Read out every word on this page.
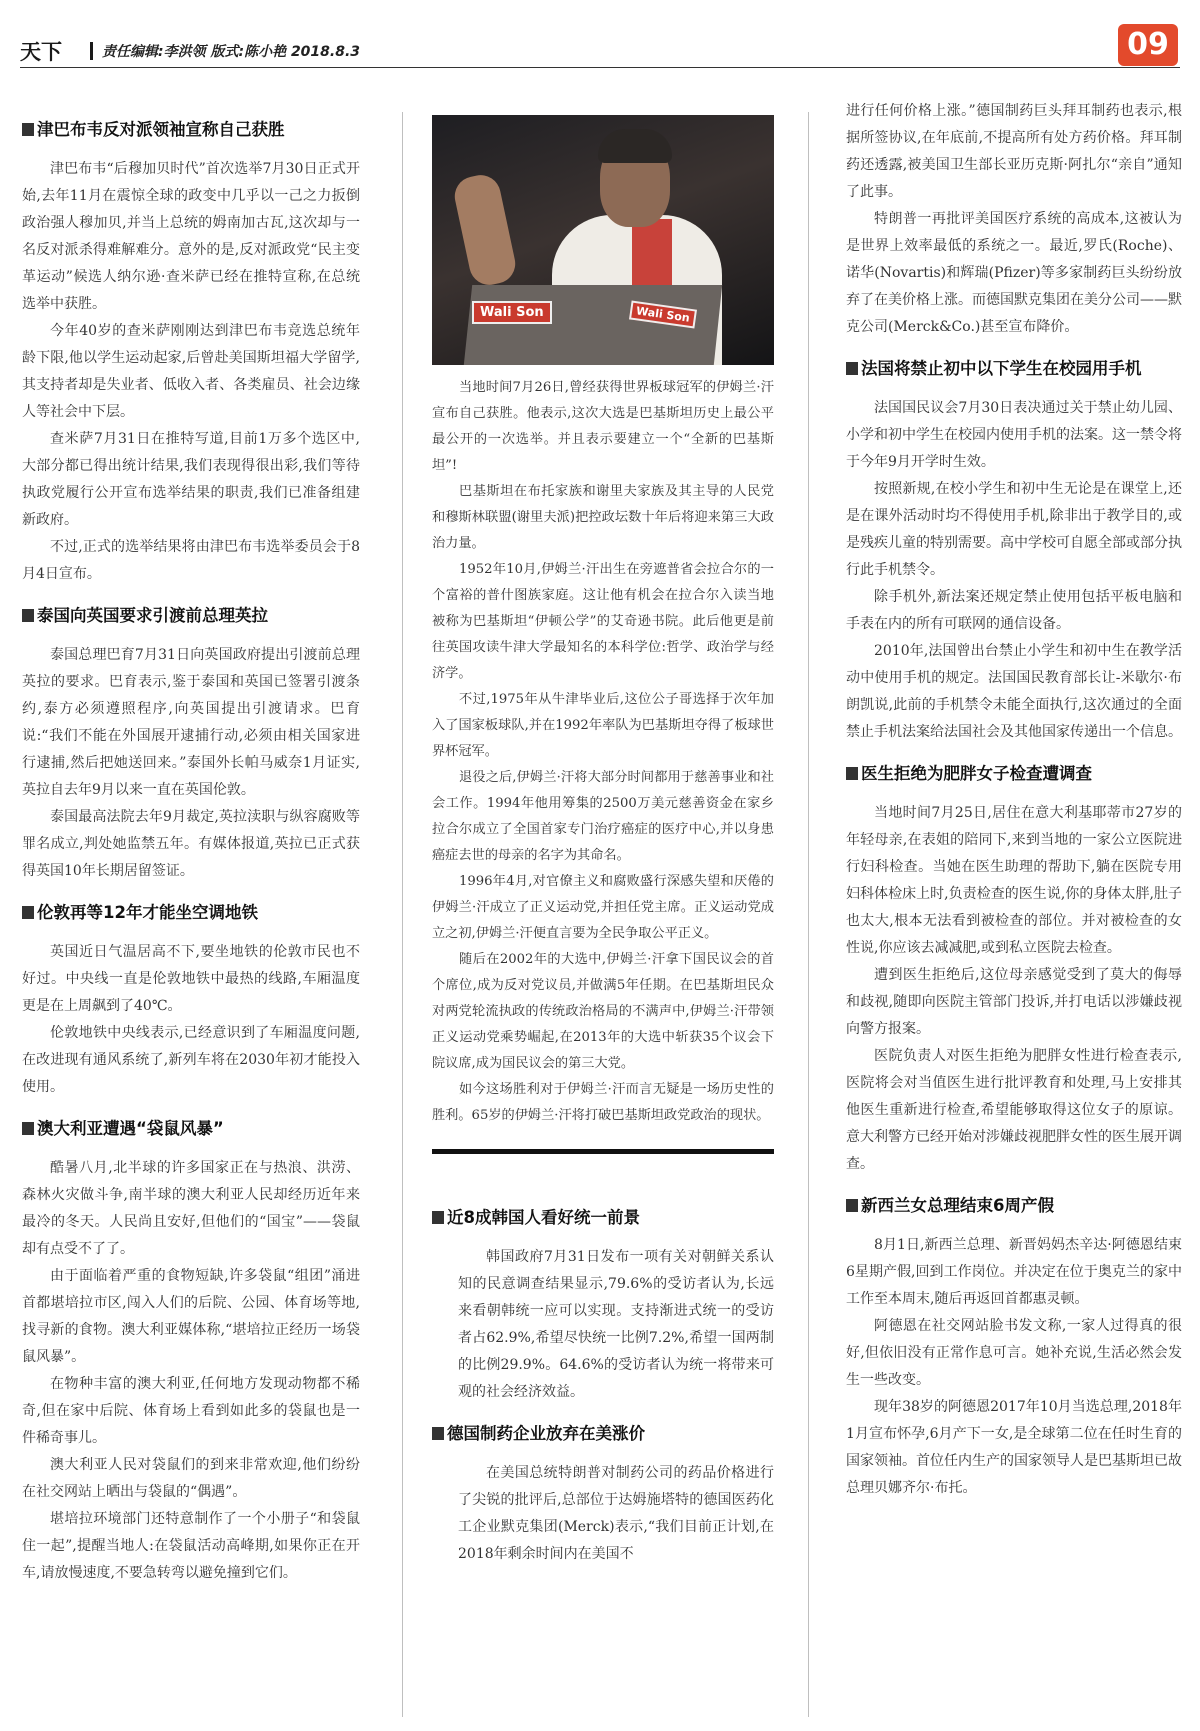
天下	责任编辑:李洪领 版式:陈小艳 2018.8.3	09
津巴布韦反对派领袖宣称自己获胜

津巴布韦“后穆加贝时代”首次选举7月30日正式开始,去年11月在震惊全球的政变中几乎以一己之力扳倒政治强人穆加贝,并当上总统的姆南加古瓦,这次却与一名反对派杀得难解难分。意外的是,反对派政党“民主变革运动”候选人纳尔逊·查米萨已经在推特宣称,在总统选举中获胜。

今年40岁的查米萨刚刚达到津巴布韦竞选总统年龄下限,他以学生运动起家,后曾赴美国斯坦福大学留学,其支持者却是失业者、低收入者、各类雇员、社会边缘人等社会中下层。

查米萨7月31日在推特写道,目前1万多个选区中,大部分都已得出统计结果,我们表现得很出彩,我们等待执政党履行公开宣布选举结果的职责,我们已准备组建新政府。

不过,正式的选举结果将由津巴布韦选举委员会于8月4日宣布。

泰国向英国要求引渡前总理英拉

泰国总理巴育7月31日向英国政府提出引渡前总理英拉的要求。巴育表示,鉴于泰国和英国已签署引渡条约,泰方必须遵照程序,向英国提出引渡请求。巴育说:“我们不能在外国展开逮捕行动,必须由相关国家进行逮捕,然后把她送回来。”泰国外长帕马威奈1月证实,英拉自去年9月以来一直在英国伦敦。

泰国最高法院去年9月裁定,英拉渎职与纵容腐败等罪名成立,判处她监禁五年。有媒体报道,英拉已正式获得英国10年长期居留签证。

伦敦再等12年才能坐空调地铁

英国近日气温居高不下,要坐地铁的伦敦市民也不好过。中央线一直是伦敦地铁中最热的线路,车厢温度更是在上周飙到了40℃。

伦敦地铁中央线表示,已经意识到了车厢温度问题,在改进现有通风系统了,新列车将在2030年初才能投入使用。

澳大利亚遭遇“袋鼠风暴”

酷暑八月,北半球的许多国家正在与热浪、洪涝、森林火灾做斗争,南半球的澳大利亚人民却经历近年来最冷的冬天。人民尚且安好,但他们的“国宝”——袋鼠却有点受不了了。

由于面临着严重的食物短缺,许多袋鼠“组团”涌进首都堪培拉市区,闯入人们的后院、公园、体育场等地,找寻新的食物。澳大利亚媒体称,“堪培拉正经历一场袋鼠风暴”。

在物种丰富的澳大利亚,任何地方发现动物都不稀奇,但在家中后院、体育场上看到如此多的袋鼠也是一件稀奇事儿。

澳大利亚人民对袋鼠们的到来非常欢迎,他们纷纷在社交网站上晒出与袋鼠的“偶遇”。

堪培拉环境部门还特意制作了一个小册子“和袋鼠住一起”,提醒当地人:在袋鼠活动高峰期,如果你正在开车,请放慢速度,不要急转弯以避免撞到它们。

Wali Son	Wali Son

当地时间7月26日,曾经获得世界板球冠军的伊姆兰·汗宣布自己获胜。他表示,这次大选是巴基斯坦历史上最公平最公开的一次选举。并且表示要建立一个“全新的巴基斯坦”!

巴基斯坦在布托家族和谢里夫家族及其主导的人民党和穆斯林联盟(谢里夫派)把控政坛数十年后将迎来第三大政治力量。

1952年10月,伊姆兰·汗出生在旁遮普省会拉合尔的一个富裕的普什图族家庭。这让他有机会在拉合尔入读当地被称为巴基斯坦“伊顿公学”的艾奇逊书院。此后他更是前往英国攻读牛津大学最知名的本科学位:哲学、政治学与经济学。

不过,1975年从牛津毕业后,这位公子哥选择于次年加入了国家板球队,并在1992年率队为巴基斯坦夺得了板球世界杯冠军。

退役之后,伊姆兰·汗将大部分时间都用于慈善事业和社会工作。1994年他用筹集的2500万美元慈善资金在家乡拉合尔成立了全国首家专门治疗癌症的医疗中心,并以身患癌症去世的母亲的名字为其命名。

1996年4月,对官僚主义和腐败盛行深感失望和厌倦的伊姆兰·汗成立了正义运动党,并担任党主席。正义运动党成立之初,伊姆兰·汗便直言要为全民争取公平正义。

随后在2002年的大选中,伊姆兰·汗拿下国民议会的首个席位,成为反对党议员,并做满5年任期。在巴基斯坦民众对两党轮流执政的传统政治格局的不满声中,伊姆兰·汗带领正义运动党乘势崛起,在2013年的大选中斩获35个议会下院议席,成为国民议会的第三大党。

如今这场胜利对于伊姆兰·汗而言无疑是一场历史性的胜利。65岁的伊姆兰·汗将打破巴基斯坦政党政治的现状。

近8成韩国人看好统一前景

韩国政府7月31日发布一项有关对朝鲜关系认知的民意调查结果显示,79.6%的受访者认为,长远来看朝韩统一应可以实现。支持渐进式统一的受访者占62.9%,希望尽快统一比例7.2%,希望一国两制的比例29.9%。64.6%的受访者认为统一将带来可观的社会经济效益。

德国制药企业放弃在美涨价

在美国总统特朗普对制药公司的药品价格进行了尖锐的批评后,总部位于达姆施塔特的德国医药化工企业默克集团(Merck)表示,“我们目前正计划,在2018年剩余时间内在美国不

进行任何价格上涨。”德国制药巨头拜耳制药也表示,根据所签协议,在年底前,不提高所有处方药价格。拜耳制药还透露,被美国卫生部长亚历克斯·阿扎尔“亲自”通知了此事。

特朗普一再批评美国医疗系统的高成本,这被认为是世界上效率最低的系统之一。最近,罗氏(Roche)、诺华(Novartis)和辉瑞(Pfizer)等多家制药巨头纷纷放弃了在美价格上涨。而德国默克集团在美分公司——默克公司(Merck&Co.)甚至宣布降价。

法国将禁止初中以下学生在校园用手机

法国国民议会7月30日表决通过关于禁止幼儿园、小学和初中学生在校园内使用手机的法案。这一禁令将于今年9月开学时生效。

按照新规,在校小学生和初中生无论是在课堂上,还是在课外活动时均不得使用手机,除非出于教学目的,或是残疾儿童的特别需要。高中学校可自愿全部或部分执行此手机禁令。

除手机外,新法案还规定禁止使用包括平板电脑和手表在内的所有可联网的通信设备。

2010年,法国曾出台禁止小学生和初中生在教学活动中使用手机的规定。法国国民教育部长让-米歇尔·布朗凯说,此前的手机禁令未能全面执行,这次通过的全面禁止手机法案给法国社会及其他国家传递出一个信息。

医生拒绝为肥胖女子检查遭调查

当地时间7月25日,居住在意大利基耶蒂市27岁的年轻母亲,在表姐的陪同下,来到当地的一家公立医院进行妇科检查。当她在医生助理的帮助下,躺在医院专用妇科体检床上时,负责检查的医生说,你的身体太胖,肚子也太大,根本无法看到被检查的部位。并对被检查的女性说,你应该去减减肥,或到私立医院去检查。

遭到医生拒绝后,这位母亲感觉受到了莫大的侮辱和歧视,随即向医院主管部门投诉,并打电话以涉嫌歧视向警方报案。

医院负责人对医生拒绝为肥胖女性进行检查表示,医院将会对当值医生进行批评教育和处理,马上安排其他医生重新进行检查,希望能够取得这位女子的原谅。意大利警方已经开始对涉嫌歧视肥胖女性的医生展开调查。

新西兰女总理结束6周产假

8月1日,新西兰总理、新晋妈妈杰辛达·阿德恩结束6星期产假,回到工作岗位。并决定在位于奥克兰的家中工作至本周末,随后再返回首都惠灵顿。

阿德恩在社交网站脸书发文称,一家人过得真的很好,但依旧没有正常作息可言。她补充说,生活必然会发生一些改变。

现年38岁的阿德恩2017年10月当选总理,2018年1月宣布怀孕,6月产下一女,是全球第二位在任时生育的国家领袖。首位任内生产的国家领导人是巴基斯坦已故总理贝娜齐尔·布托。
